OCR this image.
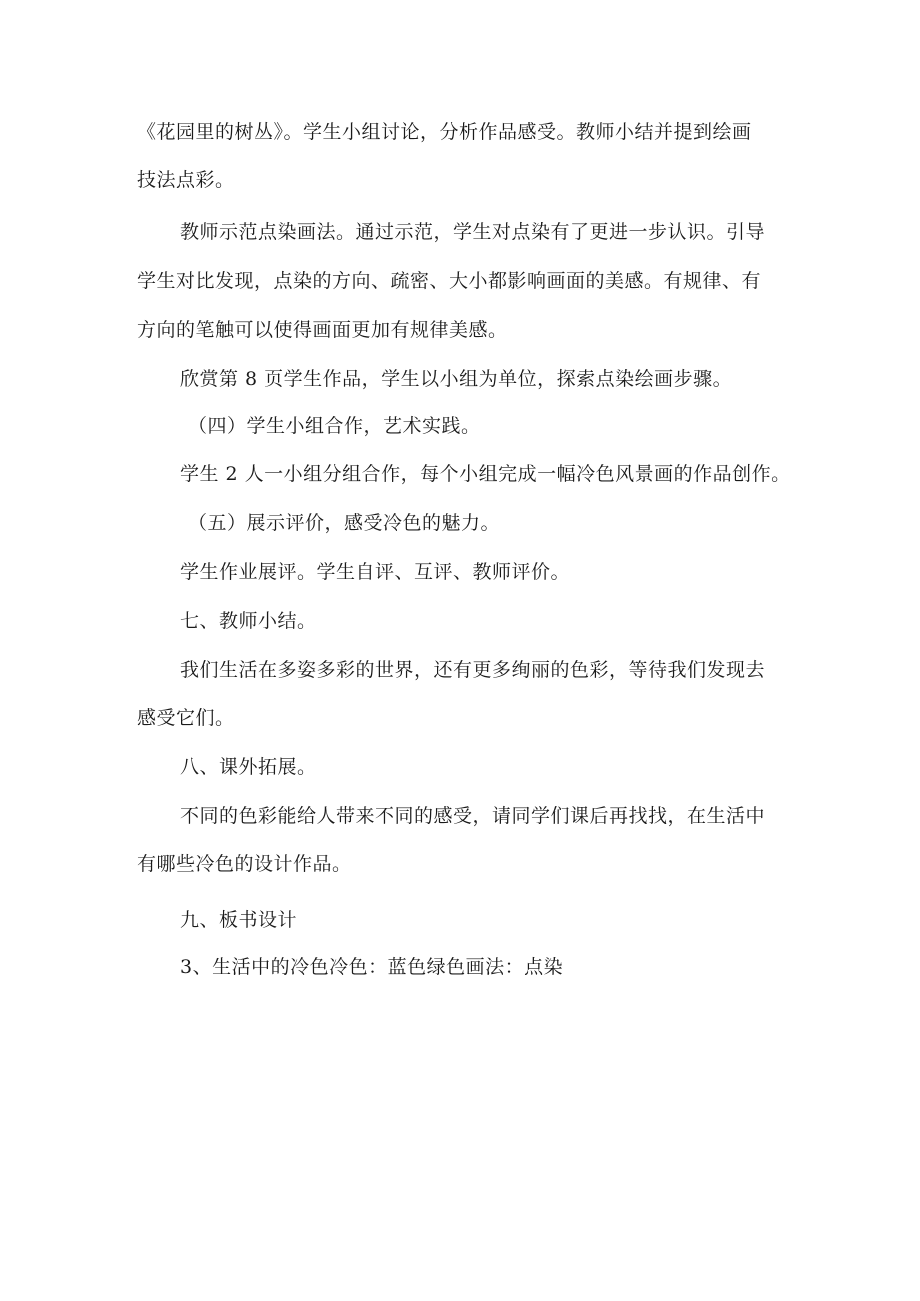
《花园里的树丛》。学生小组讨论，分析作品感受。教师小结并提到绘画
技法点彩。
教师示范点染画法。通过示范，学生对点染有了更进一步认识。引导
学生对比发现，点染的方向、疏密、大小都影响画面的美感。有规律、有
方向的笔触可以使得画面更加有规律美感。
欣赏第 8 页学生作品，学生以小组为单位，探索点染绘画步骤。
（四）学生小组合作，艺术实践。
学生 2 人一小组分组合作，每个小组完成一幅冷色风景画的作品创作。
（五）展示评价，感受冷色的魅力。
学生作业展评。学生自评、互评、教师评价。
七、教师小结。
我们生活在多姿多彩的世界，还有更多绚丽的色彩，等待我们发现去
感受它们。
八、课外拓展。
不同的色彩能给人带来不同的感受，请同学们课后再找找，在生活中
有哪些冷色的设计作品。
九、板书设计
3、生活中的冷色冷色：蓝色绿色画法：点染
